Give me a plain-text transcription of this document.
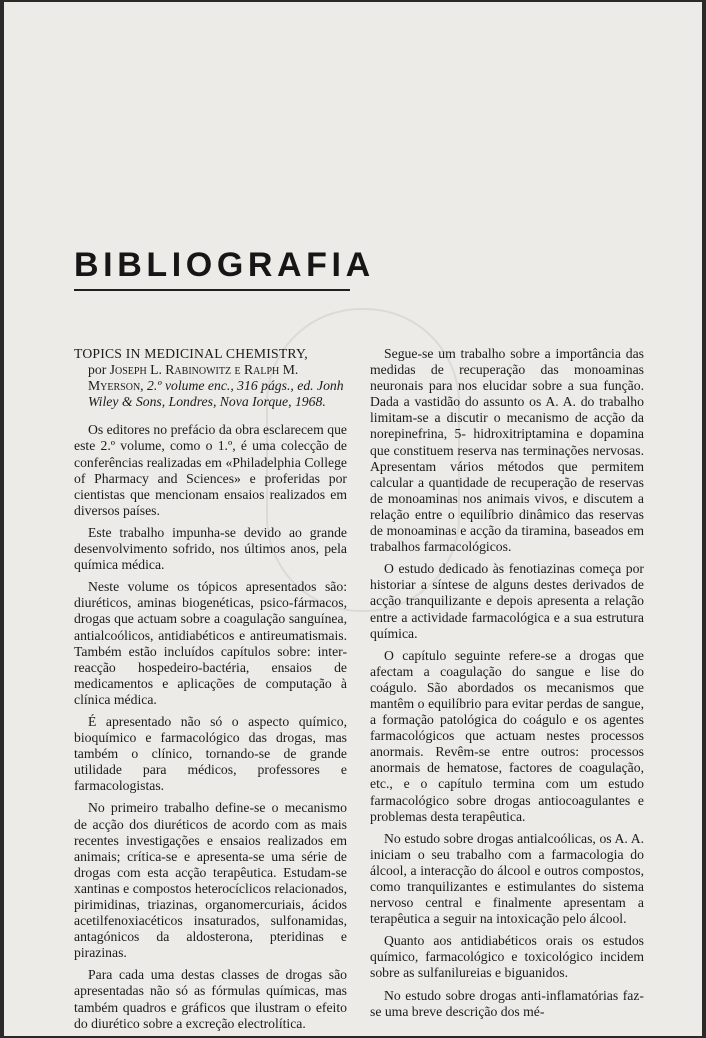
BIBLIOGRAFIA
TOPICS IN MEDICINAL CHEMISTRY,
por Joseph L. Rabinowitz e Ralph M. Myerson, 2.º volume enc., 316 págs., ed. Jonh Wiley & Sons, Londres, Nova Iorque, 1968.

Os editores no prefácio da obra esclarecem que este 2.º volume, como o 1.º, é uma colecção de conferências realizadas em «Philadelphia College of Pharmacy and Sciences» e proferidas por cientistas que mencionam ensaios realizados em diversos países.

Este trabalho impunha-se devido ao grande desenvolvimento sofrido, nos últimos anos, pela química médica.

Neste volume os tópicos apresentados são: diuréticos, aminas biogenéticas, psico-fármacos, drogas que actuam sobre a coagulação sanguínea, antialcoólicos, antidiabéticos e antireumatismais. Também estão incluídos capítulos sobre: inter-reacção hospedeiro-bactéria, ensaios de medicamentos e aplicações de computação à clínica médica.

É apresentado não só o aspecto químico, bioquímico e farmacológico das drogas, mas também o clínico, tornando-se de grande utilidade para médicos, professores e farmacologistas.

No primeiro trabalho define-se o mecanismo de acção dos diuréticos de acordo com as mais recentes investigações e ensaios realizados em animais; crítica-se e apresenta-se uma série de drogas com esta acção terapêutica. Estudam-se xantinas e compostos heterocíclicos relacionados, pirimidinas, triazinas, organomercuriais, ácidos acetilfenoxiacéticos insaturados, sulfonamidas, antagónicos da aldosterona, pteridinas e pirazinas.

Para cada uma destas classes de drogas são apresentadas não só as fórmulas químicas, mas também quadros e gráficos que ilustram o efeito do diurético sobre a excreção electrolítica.

Segue-se um trabalho sobre a importância das medidas de recuperação das monoaminas neuronais para nos elucidar sobre a sua função. Dada a vastidão do assunto os A. A. do trabalho limitam-se a discutir o mecanismo de acção da norepinefrina, 5- hidroxitriptamina e dopamina que constituem reserva nas terminações nervosas. Apresentam vários métodos que permitem calcular a quantidade de recuperação de reservas de monoaminas nos animais vivos, e discutem a relação entre o equilíbrio dinâmico das reservas de monoaminas e acção da tiramina, baseados em trabalhos farmacológicos.

O estudo dedicado às fenotiazinas começa por historiar a síntese de alguns destes derivados de acção tranquilizante e depois apresenta a relação entre a actividade farmacológica e a sua estrutura química.

O capítulo seguinte refere-se a drogas que afectam a coagulação do sangue e lise do coágulo. São abordados os mecanismos que mantêm o equilíbrio para evitar perdas de sangue, a formação patológica do coágulo e os agentes farmacológicos que actuam nestes processos anormais. Revêm-se entre outros: processos anormais de hematose, factores de coagulação, etc., e o capítulo termina com um estudo farmacológico sobre drogas antiocoagulantes e problemas desta terapêutica.

No estudo sobre drogas antialcoólicas, os A. A. iniciam o seu trabalho com a farmacologia do álcool, a interacção do álcool e outros compostos, como tranquilizantes e estimulantes do sistema nervoso central e finalmente apresentam a terapêutica a seguir na intoxicação pelo álcool.

Quanto aos antidiabéticos orais os estudos químico, farmacológico e toxicológico incidem sobre as sulfanilureias e biguanidos.

No estudo sobre drogas anti-inflamatórias faz-se uma breve descrição dos mé-
